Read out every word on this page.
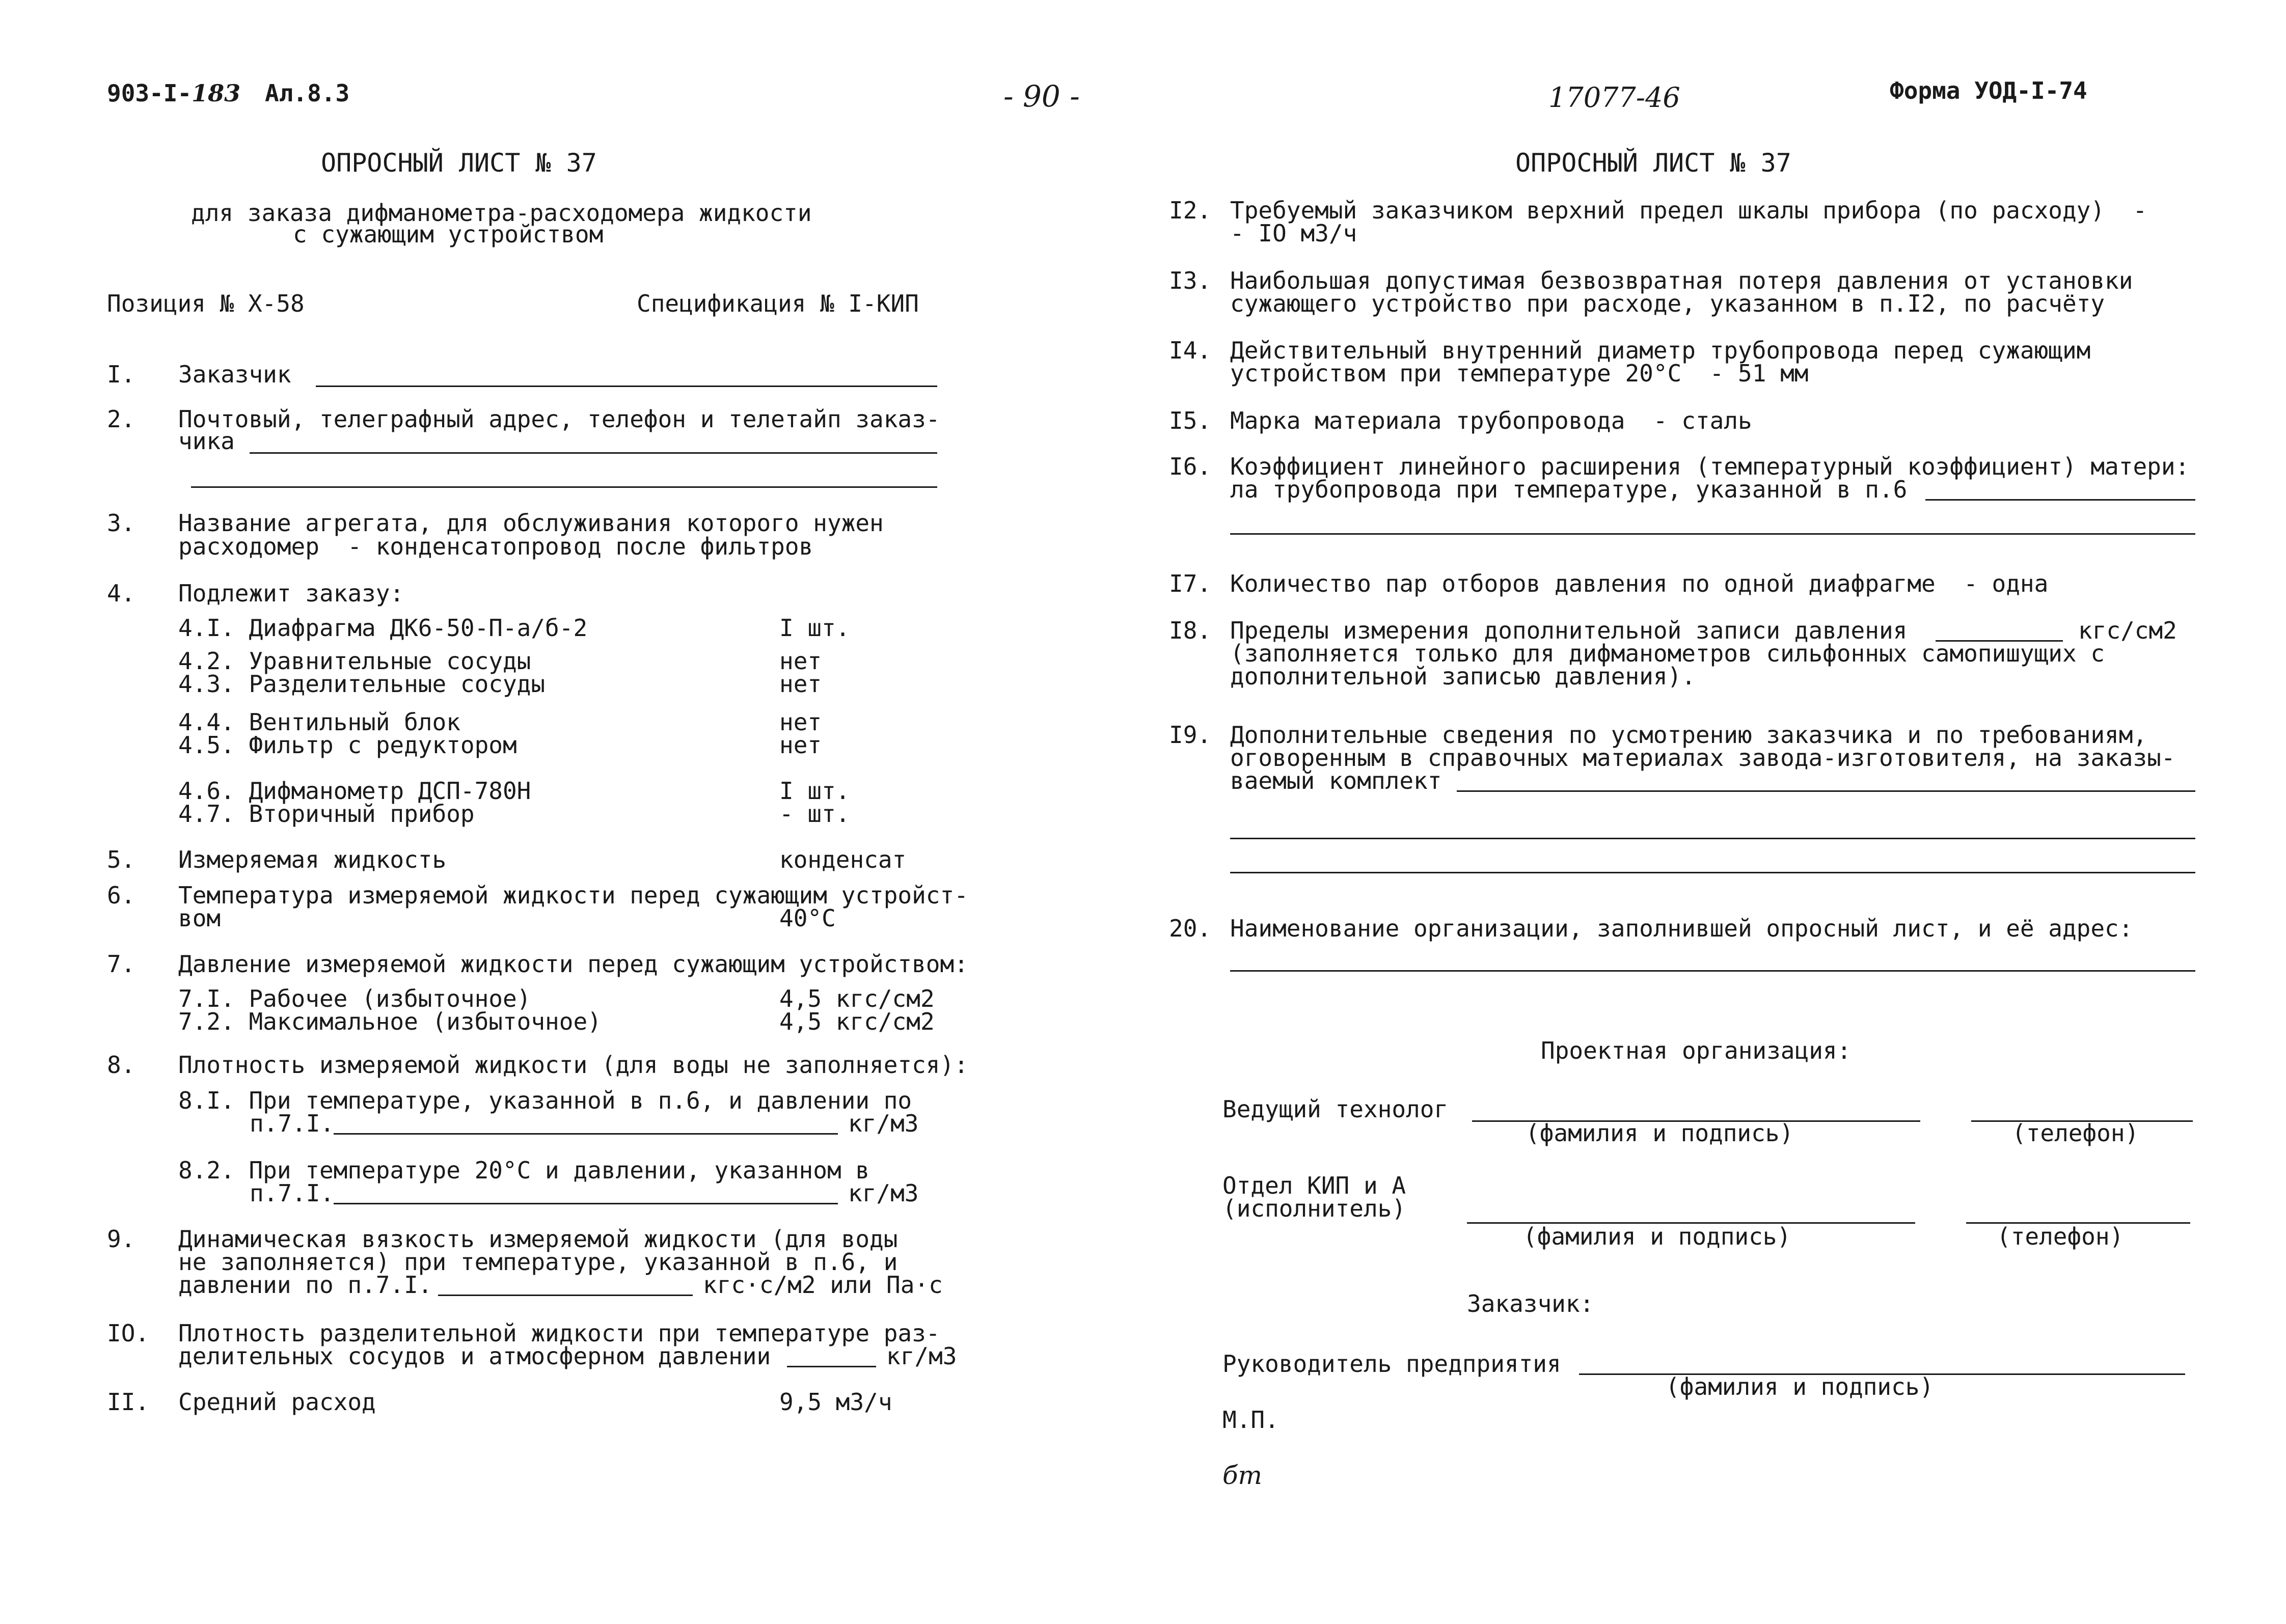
903-I-183 Ал.8.3	- 90 -	17077-46	Форма УОД-I-74
ОПРОСНЫЙ ЛИСТ № 37
для заказа дифманометра-расходомера жидкости
с сужающим устройством
Позиция № Х-58	Спецификация № I-КИП
I. Заказчик
2. Почтовый, телеграфный адрес, телефон и телетайп заказ-
чика
3. Название агрегата, для обслуживания которого нужен
расходомер  - конденсатопровод после фильтров
4. Подлежит заказу:
4.I. Диафрагма ДК6-50-П-а/б-2	I шт.
4.2. Уравнительные сосуды	нет
4.3. Разделительные сосуды	нет
4.4. Вентильный блок	нет
4.5. Фильтр с редуктором	нет
4.6. Дифманометр ДСП-780Н	I шт.
4.7. Вторичный прибор	- шт.
5. Измеряемая жидкость	конденсат
6. Температура измеряемой жидкости перед сужающим устройст-
вом	40°С
7. Давление измеряемой жидкости перед сужающим устройством:
7.I. Рабочее (избыточное)	4,5 кгс/см2
7.2. Максимальное (избыточное)	4,5 кгс/см2
8. Плотность измеряемой жидкости (для воды не заполняется):
8.I. При температуре, указанной в п.6, и давлении по
п.7.I.	кг/м3
8.2. При температуре 20°С и давлении, указанном в
п.7.I.	кг/м3
9. Динамическая вязкость измеряемой жидкости (для воды
не заполняется) при температуре, указанной в п.6, и
давлении по п.7.I.	кгс·с/м2 или Па·с
IO. Плотность разделительной жидкости при температуре раз-
делительных сосудов и атмосферном давлении	кг/м3
II. Средний расход	9,5 м3/ч
ОПРОСНЫЙ ЛИСТ № 37
I2. Требуемый заказчиком верхний предел шкалы прибора (по расходу)  -
- IO м3/ч
I3. Наибольшая допустимая безвозвратная потеря давления от установки
сужающего устройство при расходе, указанном в п.I2, по расчёту
I4. Действительный внутренний диаметр трубопровода перед сужающим
устройством при температуре 20°С  - 51 мм
I5. Марка материала трубопровода  - сталь
I6. Коэффициент линейного расширения (температурный коэффициент) матери:
ла трубопровода при температуре, указанной в п.6
I7. Количество пар отборов давления по одной диафрагме  - одна
I8. Пределы измерения дополнительной записи давления	кгс/см2
(заполняется только для дифманометров сильфонных самопишущих с
дополнительной записью давления).
I9. Дополнительные сведения по усмотрению заказчика и по требованиям,
оговоренным в справочных материалах завода-изготовителя, на заказы-
ваемый комплект
20. Наименование организации, заполнившей опросный лист, и её адрес:
Проектная организация:
Ведущий технолог
(фамилия и подпись)	(телефон)
Отдел КИП и А
(исполнитель)
(фамилия и подпись)	(телефон)
Заказчик:
Руководитель предприятия
(фамилия и подпись)
М.П.
бт
